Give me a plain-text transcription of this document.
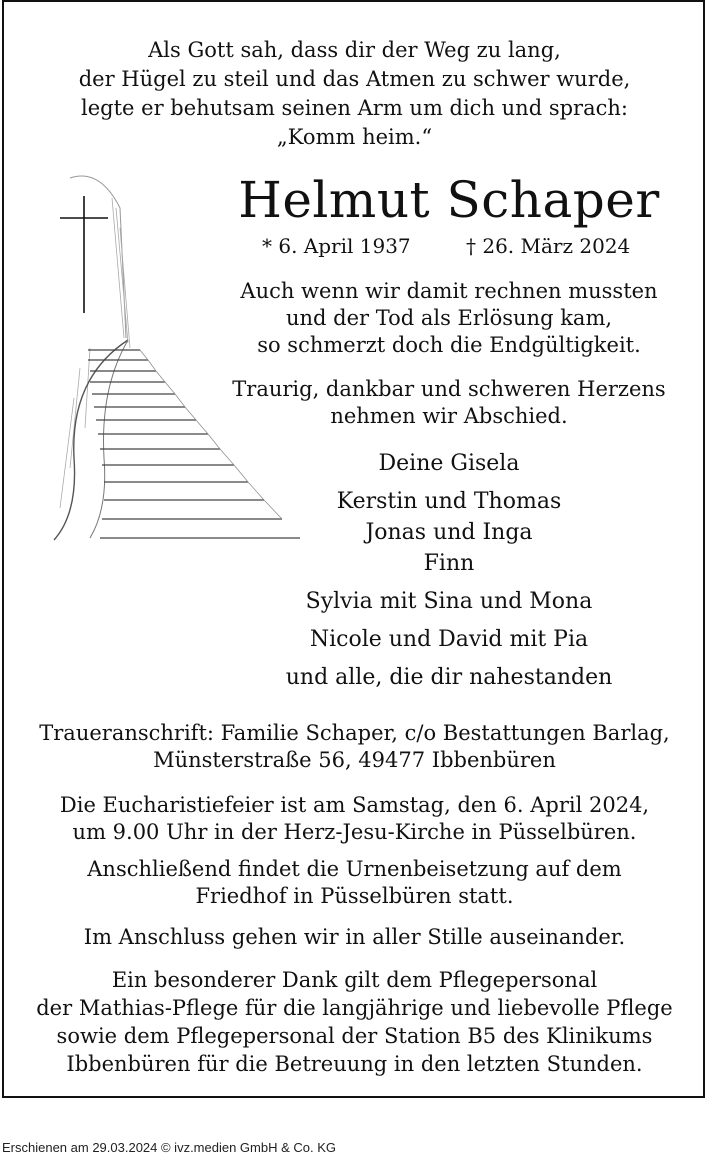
Als Gott sah, dass dir der Weg zu lang,
der Hügel zu steil und das Atmen zu schwer wurde,
legte er behutsam seinen Arm um dich und sprach:
„Komm heim.“
Helmut Schaper
* 6. April 1937	† 26. März 2024
Auch wenn wir damit rechnen mussten
und der Tod als Erlösung kam,
so schmerzt doch die Endgültigkeit.
Traurig, dankbar und schweren Herzens
nehmen wir Abschied.
Deine Gisela
Kerstin und Thomas
Jonas und Inga
Finn
Sylvia mit Sina und Mona
Nicole und David mit Pia
und alle, die dir nahestanden
Traueranschrift: Familie Schaper, c/o Bestattungen Barlag,
Münsterstraße 56, 49477 Ibbenbüren
Die Eucharistiefeier ist am Samstag, den 6. April 2024,
um 9.00 Uhr in der Herz-Jesu-Kirche in Püsselbüren.
Anschließend findet die Urnenbeisetzung auf dem
Friedhof in Püsselbüren statt.
Im Anschluss gehen wir in aller Stille auseinander.
Ein besonderer Dank gilt dem Pflegepersonal
der Mathias-Pflege für die langjährige und liebevolle Pflege
sowie dem Pflegepersonal der Station B5 des Klinikums
Ibbenbüren für die Betreuung in den letzten Stunden.
Erschienen am 29.03.2024 © ivz.medien GmbH & Co. KG
